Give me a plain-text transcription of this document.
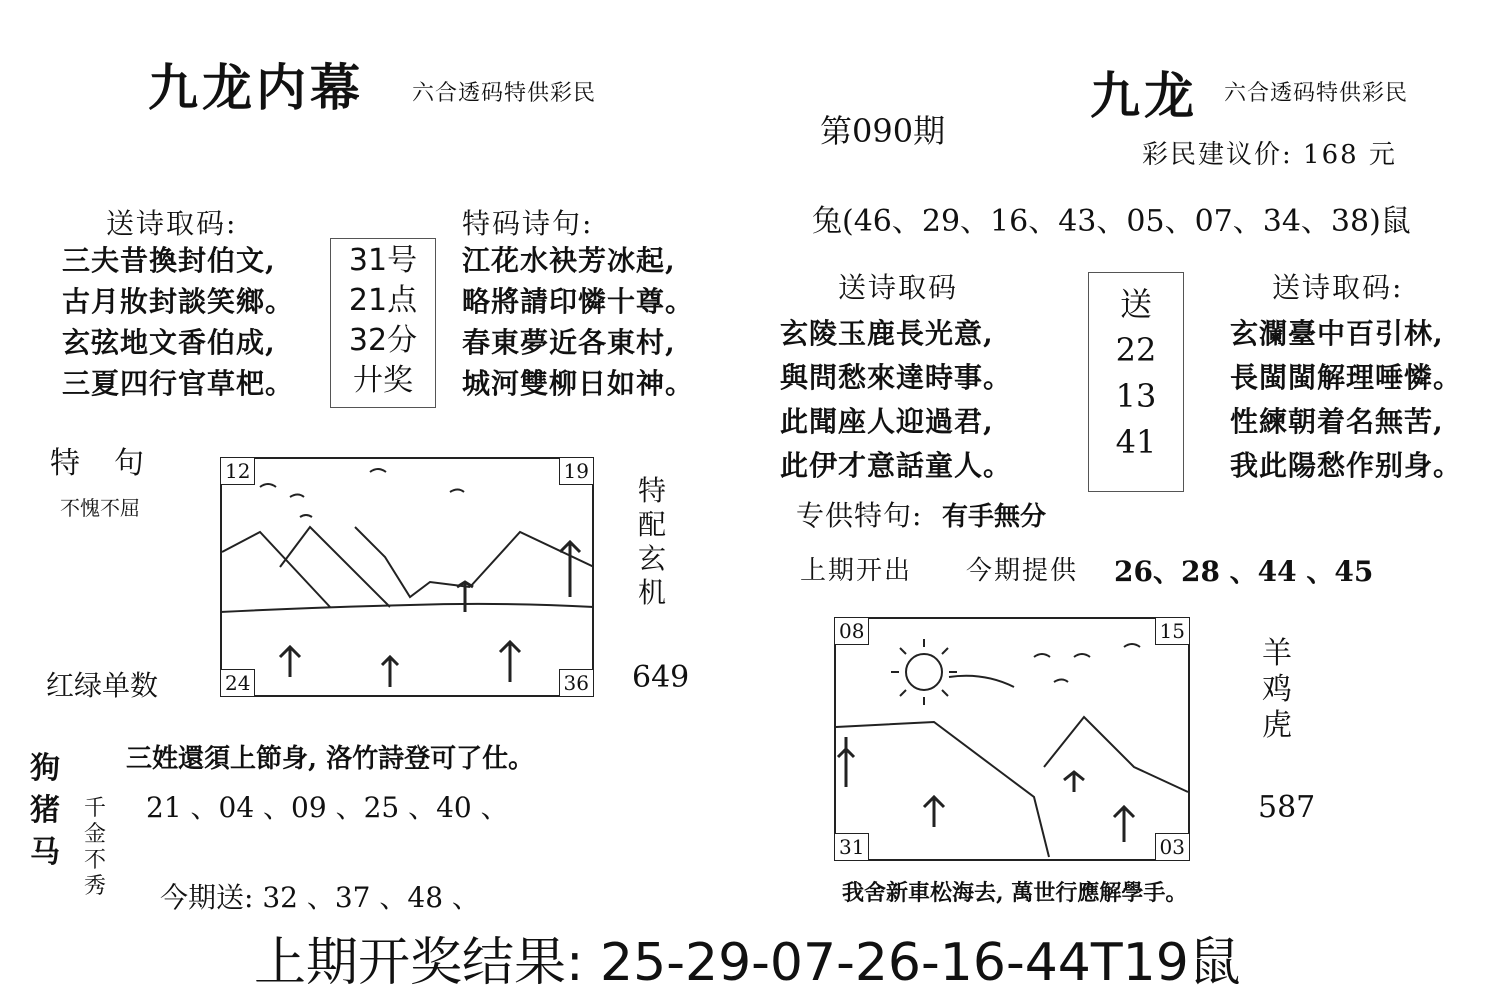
九龙内幕 六合透码特供彩民
送诗取码:
三夫昔換封伯文,
古月妝封談笑鄉。
玄弦地文香伯成,
三夏四行官草杷。
31号
21点
32分
廾奖
特码诗句:
江花水袂芳冰起,
略將請印憐十尊。
春東夢近各東村,
城河雙柳日如神。
特　句
不愧不屈
红绿单数
12	19
24	36
特
配
玄
机
649
三姓還須上節身, 洛竹詩登可了仕。
狗
猪
马
千
金
不
秀
21 、04 、09 、25 、40 、
今期送: 32 、37 、48 、
九龙 六合透码特供彩民
第090期
彩民建议价: 168 元
兔(46、29、16、43、05、07、34、38)鼠
送诗取码
玄陵玉鹿長光意,
與問愁來達時事。
此聞座人迎過君,
此伊才意話童人。
送
22
13
41
送诗取码:
玄瀾臺中百引林,
長閩閩解理唾憐。
性練朝着名無苦,
我此陽愁作别身。
专供特句: 有手無分
上期开出 今期提供 26、28 、44 、45
08	15
31	03
羊
鸡
虎
587
我舍新車松海去, 萬世行應解學手。
上期开奖结果: 25-29-07-26-16-44T19鼠
